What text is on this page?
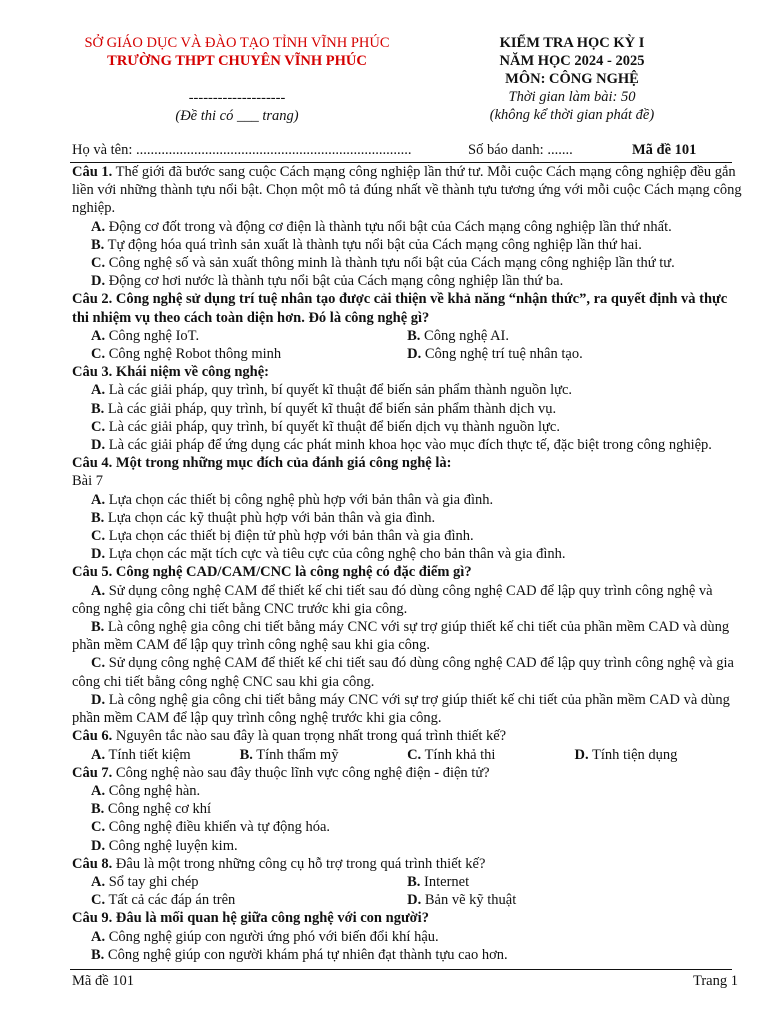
SỞ GIÁO DỤC VÀ ĐÀO TẠO TỈNH VĨNH PHÚC
TRƯỜNG THPT CHUYÊN VĨNH PHÚC
--------------------
(Đề thi có ___ trang)
KIỂM TRA HỌC KỲ I
NĂM HỌC 2024 - 2025
MÔN: CÔNG NGHỆ
Thời gian làm bài: 50
(không kể thời gian phát đề)
Họ và tên: ............................................................................	Số báo danh: .......	Mã đề 101
Câu 1. Thế giới đã bước sang cuộc Cách mạng công nghiệp lần thứ tư. Mỗi cuộc Cách mạng công nghiệp đều gắn liền với những thành tựu nổi bật. Chọn một mô tả đúng nhất về thành tựu tương ứng với mỗi cuộc Cách mạng công nghiệp.
A. Động cơ đốt trong và động cơ điện là thành tựu nổi bật của Cách mạng công nghiệp lần thứ nhất.
B. Tự động hóa quá trình sản xuất là thành tựu nổi bật của Cách mạng công nghiệp lần thứ hai.
C. Công nghệ số và sản xuất thông minh là thành tựu nổi bật của Cách mạng công nghiệp lần thứ tư.
D. Động cơ hơi nước là thành tựu nổi bật của Cách mạng công nghiệp lần thứ ba.
Câu 2. Công nghệ sử dụng trí tuệ nhân tạo được cải thiện về khả năng “nhận thức”, ra quyết định và thực thi nhiệm vụ theo cách toàn diện hơn. Đó là công nghệ gì?
A. Công nghệ IoT.	B. Công nghệ AI.
C. Công nghệ Robot thông minh	D. Công nghệ trí tuệ nhân tạo.
Câu 3. Khái niệm về công nghệ:
A. Là các giải pháp, quy trình, bí quyết kĩ thuật để biến sản phẩm thành nguồn lực.
B. Là các giải pháp, quy trình, bí quyết kĩ thuật để biến sản phẩm thành dịch vụ.
C. Là các giải pháp, quy trình, bí quyết kĩ thuật để biến dịch vụ thành nguồn lực.
D. Là các giải pháp để ứng dụng các phát minh khoa học vào mục đích thực tế, đặc biệt trong công nghiệp.
Câu 4. Một trong những mục đích của đánh giá công nghệ là:
Bài 7
A. Lựa chọn các thiết bị công nghệ phù hợp với bản thân và gia đình.
B. Lựa chọn các kỹ thuật phù hợp với bản thân và gia đình.
C. Lựa chọn các thiết bị điện tử phù hợp với bản thân và gia đình.
D. Lựa chọn các mặt tích cực và tiêu cực của công nghệ cho bản thân và gia đình.
Câu 5. Công nghệ CAD/CAM/CNC là công nghệ có đặc điểm gì?
A. Sử dụng công nghệ CAM để thiết kế chi tiết sau đó dùng công nghệ CAD để lập quy trình công nghệ và công nghệ gia công chi tiết bằng CNC trước khi gia công.
B. Là công nghệ gia công chi tiết bằng máy CNC với sự trợ giúp thiết kế chi tiết của phần mềm CAD và dùng phần mềm CAM để lập quy trình công nghệ sau khi gia công.
C. Sử dụng công nghệ CAM để thiết kế chi tiết sau đó dùng công nghệ CAD để lập quy trình công nghệ và gia công chi tiết bằng công nghệ CNC sau khi gia công.
D. Là công nghệ gia công chi tiết bằng máy CNC với sự trợ giúp thiết kế chi tiết của phần mềm CAD và dùng phần mềm CAM để lập quy trình công nghệ trước khi gia công.
Câu 6. Nguyên tắc nào sau đây là quan trọng nhất trong quá trình thiết kế?
A. Tính tiết kiệm	B. Tính thẩm mỹ	C. Tính khả thi	D. Tính tiện dụng
Câu 7. Công nghệ nào sau đây thuộc lĩnh vực công nghệ điện - điện tử?
A. Công nghệ hàn.
B. Công nghệ cơ khí
C. Công nghệ điều khiển và tự động hóa.
D. Công nghệ luyện kim.
Câu 8. Đâu là một trong những công cụ hỗ trợ trong quá trình thiết kế?
A. Sổ tay ghi chép	B. Internet
C. Tất cả các đáp án trên	D. Bản vẽ kỹ thuật
Câu 9. Đâu là mối quan hệ giữa công nghệ với con người?
A. Công nghệ giúp con người ứng phó với biến đổi khí hậu.
B. Công nghệ giúp con người khám phá tự nhiên đạt thành tựu cao hơn.
Mã đề 101	Trang 1
